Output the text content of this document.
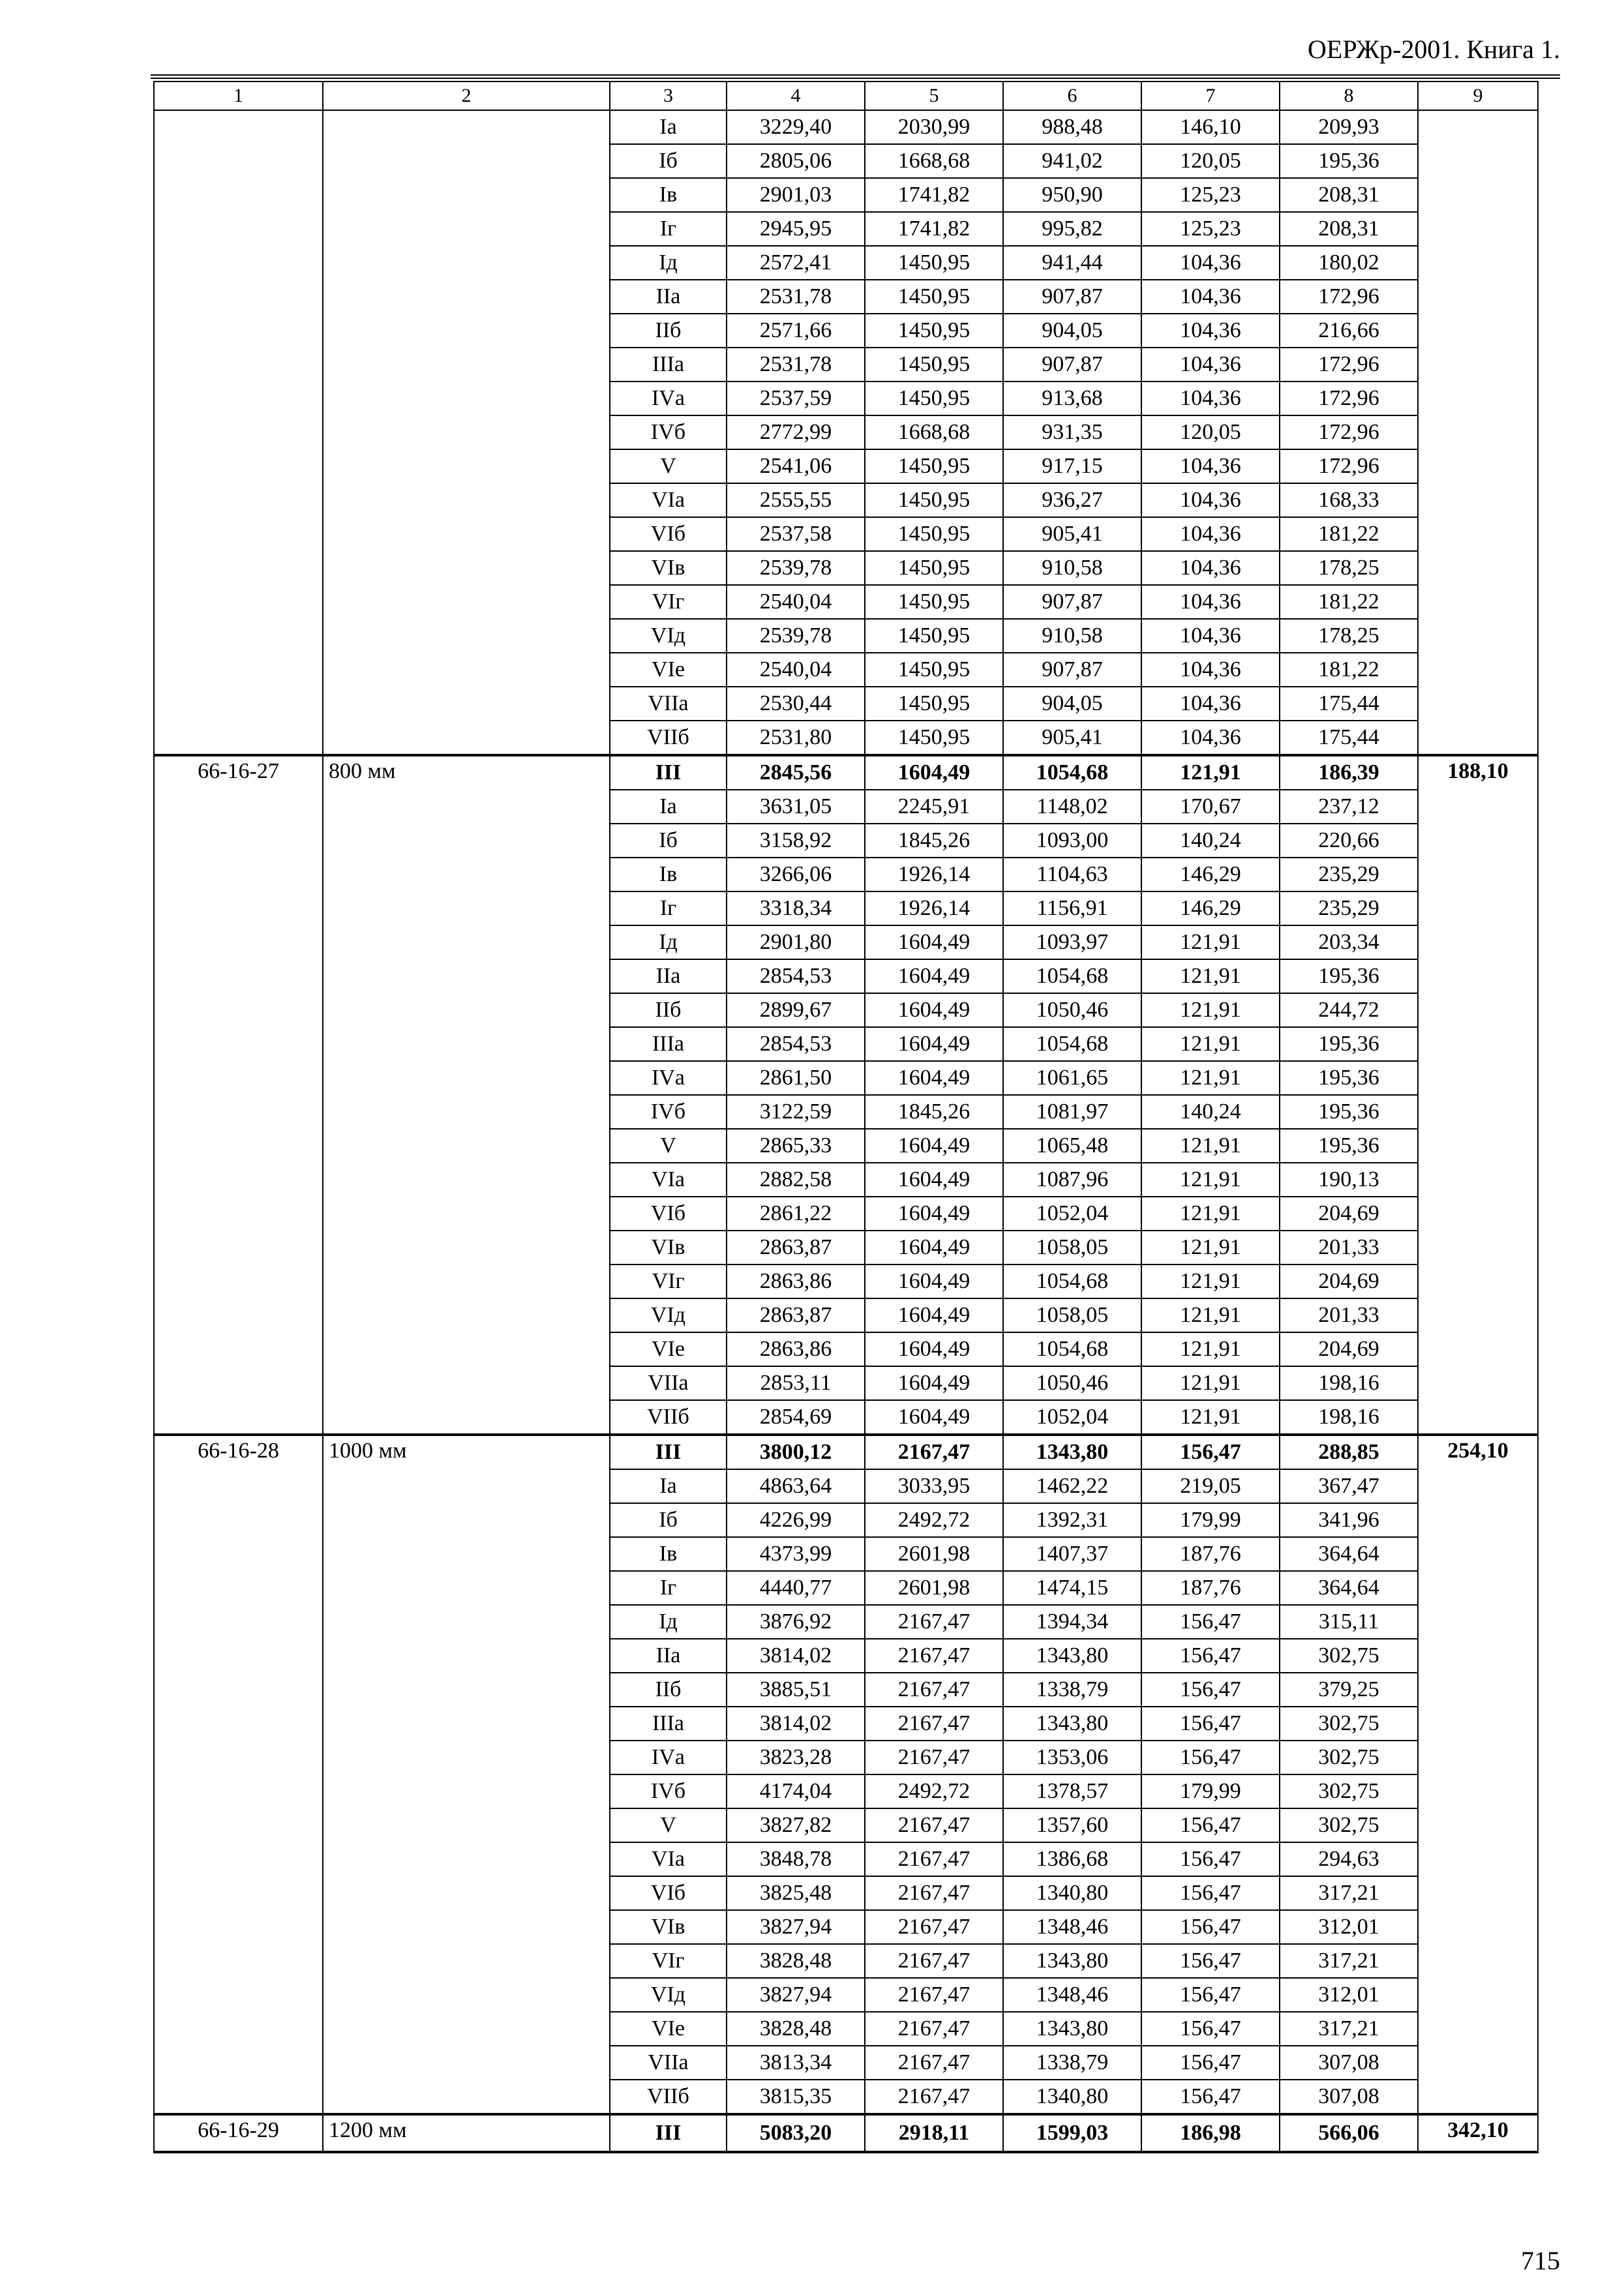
ОЕРЖр-2001. Книга 1.
1	2	3	4	5	6	7	8	9
		Iа	3229,40	2030,99	988,48	146,10	209,93	
		Iб	2805,06	1668,68	941,02	120,05	195,36	
		Iв	2901,03	1741,82	950,90	125,23	208,31	
		Iг	2945,95	1741,82	995,82	125,23	208,31	
		Iд	2572,41	1450,95	941,44	104,36	180,02	
		IIа	2531,78	1450,95	907,87	104,36	172,96	
		IIб	2571,66	1450,95	904,05	104,36	216,66	
		IIIа	2531,78	1450,95	907,87	104,36	172,96	
		IVа	2537,59	1450,95	913,68	104,36	172,96	
		IVб	2772,99	1668,68	931,35	120,05	172,96	
		V	2541,06	1450,95	917,15	104,36	172,96	
		VIа	2555,55	1450,95	936,27	104,36	168,33	
		VIб	2537,58	1450,95	905,41	104,36	181,22	
		VIв	2539,78	1450,95	910,58	104,36	178,25	
		VIг	2540,04	1450,95	907,87	104,36	181,22	
		VIд	2539,78	1450,95	910,58	104,36	178,25	
		VIе	2540,04	1450,95	907,87	104,36	181,22	
		VIIа	2530,44	1450,95	904,05	104,36	175,44	
		VIIб	2531,80	1450,95	905,41	104,36	175,44	
66-16-27	800 мм	III	2845,56	1604,49	1054,68	121,91	186,39	188,10
		Iа	3631,05	2245,91	1148,02	170,67	237,12	
		Iб	3158,92	1845,26	1093,00	140,24	220,66	
		Iв	3266,06	1926,14	1104,63	146,29	235,29	
		Iг	3318,34	1926,14	1156,91	146,29	235,29	
		Iд	2901,80	1604,49	1093,97	121,91	203,34	
		IIа	2854,53	1604,49	1054,68	121,91	195,36	
		IIб	2899,67	1604,49	1050,46	121,91	244,72	
		IIIа	2854,53	1604,49	1054,68	121,91	195,36	
		IVа	2861,50	1604,49	1061,65	121,91	195,36	
		IVб	3122,59	1845,26	1081,97	140,24	195,36	
		V	2865,33	1604,49	1065,48	121,91	195,36	
		VIа	2882,58	1604,49	1087,96	121,91	190,13	
		VIб	2861,22	1604,49	1052,04	121,91	204,69	
		VIв	2863,87	1604,49	1058,05	121,91	201,33	
		VIг	2863,86	1604,49	1054,68	121,91	204,69	
		VIд	2863,87	1604,49	1058,05	121,91	201,33	
		VIе	2863,86	1604,49	1054,68	121,91	204,69	
		VIIа	2853,11	1604,49	1050,46	121,91	198,16	
		VIIб	2854,69	1604,49	1052,04	121,91	198,16	
66-16-28	1000 мм	III	3800,12	2167,47	1343,80	156,47	288,85	254,10
		Iа	4863,64	3033,95	1462,22	219,05	367,47	
		Iб	4226,99	2492,72	1392,31	179,99	341,96	
		Iв	4373,99	2601,98	1407,37	187,76	364,64	
		Iг	4440,77	2601,98	1474,15	187,76	364,64	
		Iд	3876,92	2167,47	1394,34	156,47	315,11	
		IIа	3814,02	2167,47	1343,80	156,47	302,75	
		IIб	3885,51	2167,47	1338,79	156,47	379,25	
		IIIа	3814,02	2167,47	1343,80	156,47	302,75	
		IVа	3823,28	2167,47	1353,06	156,47	302,75	
		IVб	4174,04	2492,72	1378,57	179,99	302,75	
		V	3827,82	2167,47	1357,60	156,47	302,75	
		VIа	3848,78	2167,47	1386,68	156,47	294,63	
		VIб	3825,48	2167,47	1340,80	156,47	317,21	
		VIв	3827,94	2167,47	1348,46	156,47	312,01	
		VIг	3828,48	2167,47	1343,80	156,47	317,21	
		VIд	3827,94	2167,47	1348,46	156,47	312,01	
		VIе	3828,48	2167,47	1343,80	156,47	317,21	
		VIIа	3813,34	2167,47	1338,79	156,47	307,08	
		VIIб	3815,35	2167,47	1340,80	156,47	307,08	
66-16-29	1200 мм	III	5083,20	2918,11	1599,03	186,98	566,06	342,10
715
